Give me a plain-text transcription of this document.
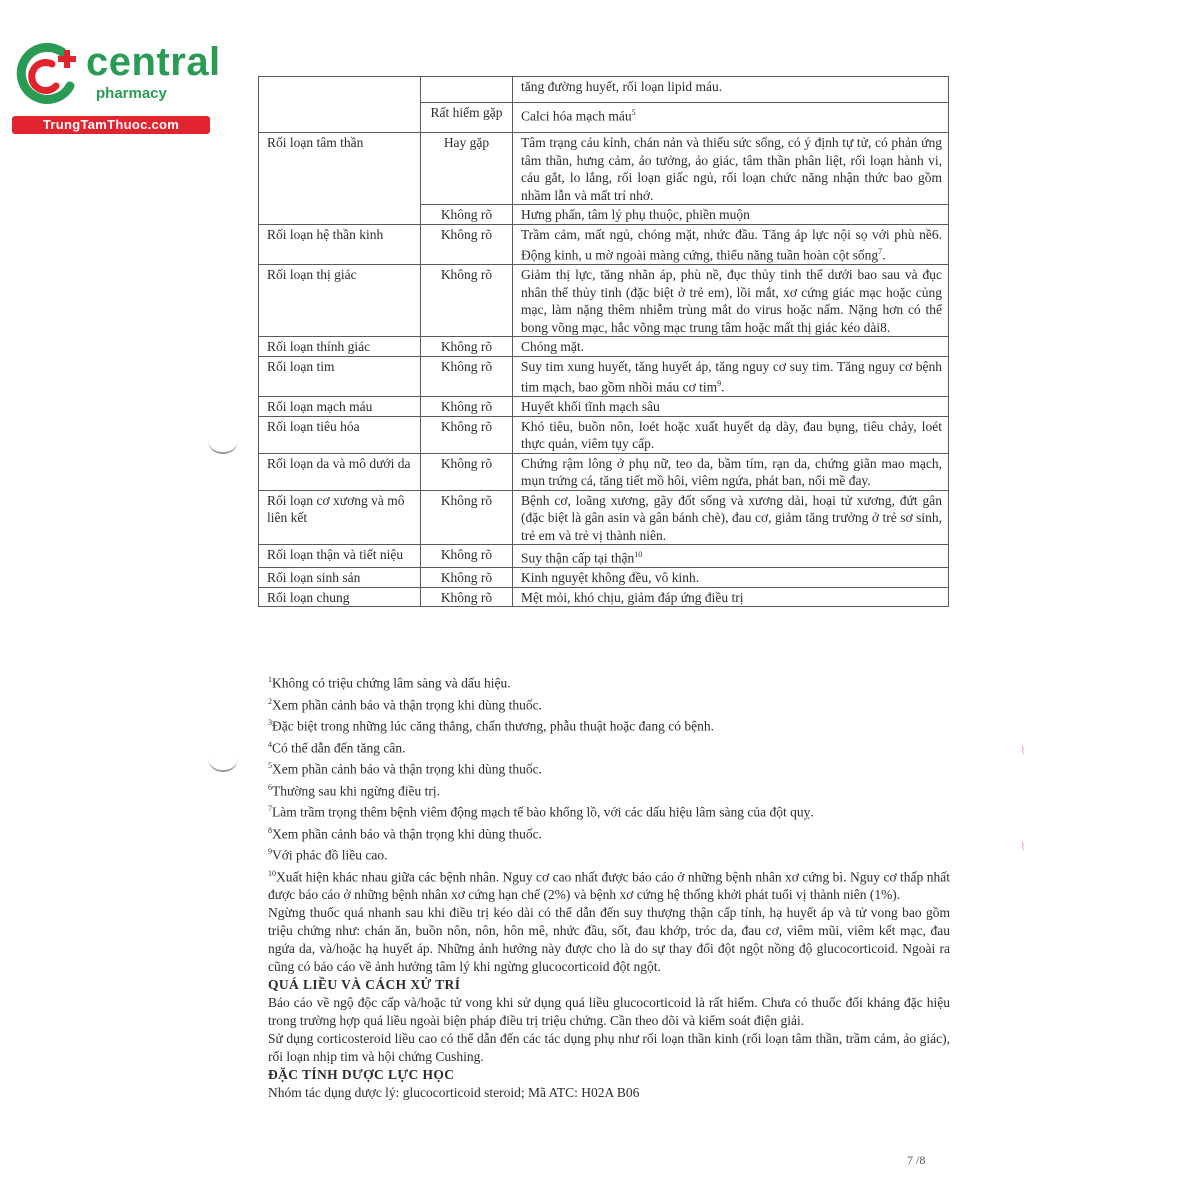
central
pharmacy
TrungTamThuoc.com
		tăng đường huyết, rối loạn lipid máu.
	Rất hiếm gặp	Calci hóa mạch máu$^5$
Rối loạn tâm thần	Hay gặp	Tâm trạng cáu kỉnh, chán nản và thiếu sức sống, có ý định tự tử, có phản ứng tâm thần, hưng cảm, ảo tưởng, ảo giác, tâm thần phân liệt, rối loạn hành vi, cáu gắt, lo lắng, rối loạn giấc ngủ, rối loạn chức năng nhận thức bao gồm nhầm lẫn và mất trí nhớ.
	Không rõ	Hưng phấn, tâm lý phụ thuộc, phiền muộn
Rối loạn hệ thần kinh	Không rõ	Trầm cảm, mất ngủ, chóng mặt, nhức đầu. Tăng áp lực nội sọ với phù nề6. Động kinh, u mờ ngoài màng cứng, thiểu năng tuần hoàn cột sống$^7$.
Rối loạn thị giác	Không rõ	Giảm thị lực, tăng nhãn áp, phù nề, đục thủy tinh thể dưới bao sau và đục nhân thể thủy tinh (đặc biệt ở trẻ em), lồi mắt, xơ cứng giác mạc hoặc củng mạc, làm nặng thêm nhiễm trùng mắt do virus hoặc nấm. Nặng hơn có thể bong võng mạc, hắc võng mạc trung tâm hoặc mất thị giác kéo dài8.
Rối loạn thính giác	Không rõ	Chóng mặt.
Rối loạn tim	Không rõ	Suy tim xung huyết, tăng huyết áp, tăng nguy cơ suy tim. Tăng nguy cơ bệnh tim mạch, bao gồm nhồi máu cơ tim$^9$.
Rối loạn mạch máu	Không rõ	Huyết khối tĩnh mạch sâu
Rối loạn tiêu hóa	Không rõ	Khó tiêu, buồn nôn, loét hoặc xuất huyết dạ dày, đau bụng, tiêu chảy, loét thực quản, viêm tụy cấp.
Rối loạn da và mô dưới da	Không rõ	Chứng rậm lông ở phụ nữ, teo da, bầm tím, rạn da, chứng giãn mao mạch, mụn trứng cá, tăng tiết mồ hôi, viêm ngứa, phát ban, nổi mề đay.
Rối loạn cơ xương và mô liên kết	Không rõ	Bệnh cơ, loãng xương, gãy đốt sống và xương dài, hoại tử xương, đứt gân (đặc biệt là gân asin và gân bánh chè), đau cơ, giảm tăng trưởng ở trẻ sơ sinh, trẻ em và trẻ vị thành niên.
Rối loạn thận và tiết niệu	Không rõ	Suy thận cấp tại thận$^{10}$
Rối loạn sinh sản	Không rõ	Kinh nguyệt không đều, vô kinh.
Rối loạn chung	Không rõ	Mệt mỏi, khó chịu, giảm đáp ứng điều trị

$^1$Không có triệu chứng lâm sàng và dấu hiệu.

$^2$Xem phần cảnh báo và thận trọng khi dùng thuốc.

$^3$Đặc biệt trong những lúc căng thẳng, chấn thương, phẫu thuật hoặc đang có bệnh.

$^4$Có thể dẫn đến tăng cân.

$^5$Xem phần cảnh báo và thận trọng khi dùng thuốc.

$^6$Thường sau khi ngừng điều trị.

$^7$Làm trầm trọng thêm bệnh viêm động mạch tế bào khổng lồ, với các dấu hiệu lâm sàng của đột quỵ.

$^8$Xem phần cảnh báo và thận trọng khi dùng thuốc.

$^9$Với phác đồ liều cao.

$^{10}$Xuất hiện khác nhau giữa các bệnh nhân. Nguy cơ cao nhất được báo cáo ở những bệnh nhân xơ cứng bì. Nguy cơ thấp nhất được báo cáo ở những bệnh nhân xơ cứng hạn chế (2%) và bệnh xơ cứng hệ thống khởi phát tuổi vị thành niên (1%).

Ngừng thuốc quá nhanh sau khi điều trị kéo dài có thể dẫn đến suy thượng thận cấp tính, hạ huyết áp và tử vong bao gồm triệu chứng như: chán ăn, buồn nôn, nôn, hôn mê, nhức đầu, sốt, đau khớp, tróc da, đau cơ, viêm mũi, viêm kết mạc, đau ngứa da, và/hoặc hạ huyết áp. Những ảnh hưởng này được cho là do sự thay đổi đột ngột nồng độ glucocorticoid. Ngoài ra cũng có báo cáo về ảnh hưởng tâm lý khi ngừng glucocorticoid đột ngột.

QUÁ LIỀU VÀ CÁCH XỬ TRÍ

Báo cáo về ngộ độc cấp và/hoặc tử vong khi sử dụng quá liều glucocorticoid là rất hiếm. Chưa có thuốc đối kháng đặc hiệu trong trường hợp quá liều ngoài biện pháp điều trị triệu chứng. Cần theo dõi và kiểm soát điện giải.

Sử dụng corticosteroid liều cao có thể dẫn đến các tác dụng phụ như rối loạn thần kinh (rối loạn tâm thần, trầm cảm, ảo giác), rối loạn nhịp tim và hội chứng Cushing.

ĐẶC TÍNH DƯỢC LỰC HỌC

Nhóm tác dụng dược lý: glucocorticoid steroid; Mã ATC: H02A B06

7 /8
⌇
⌇
